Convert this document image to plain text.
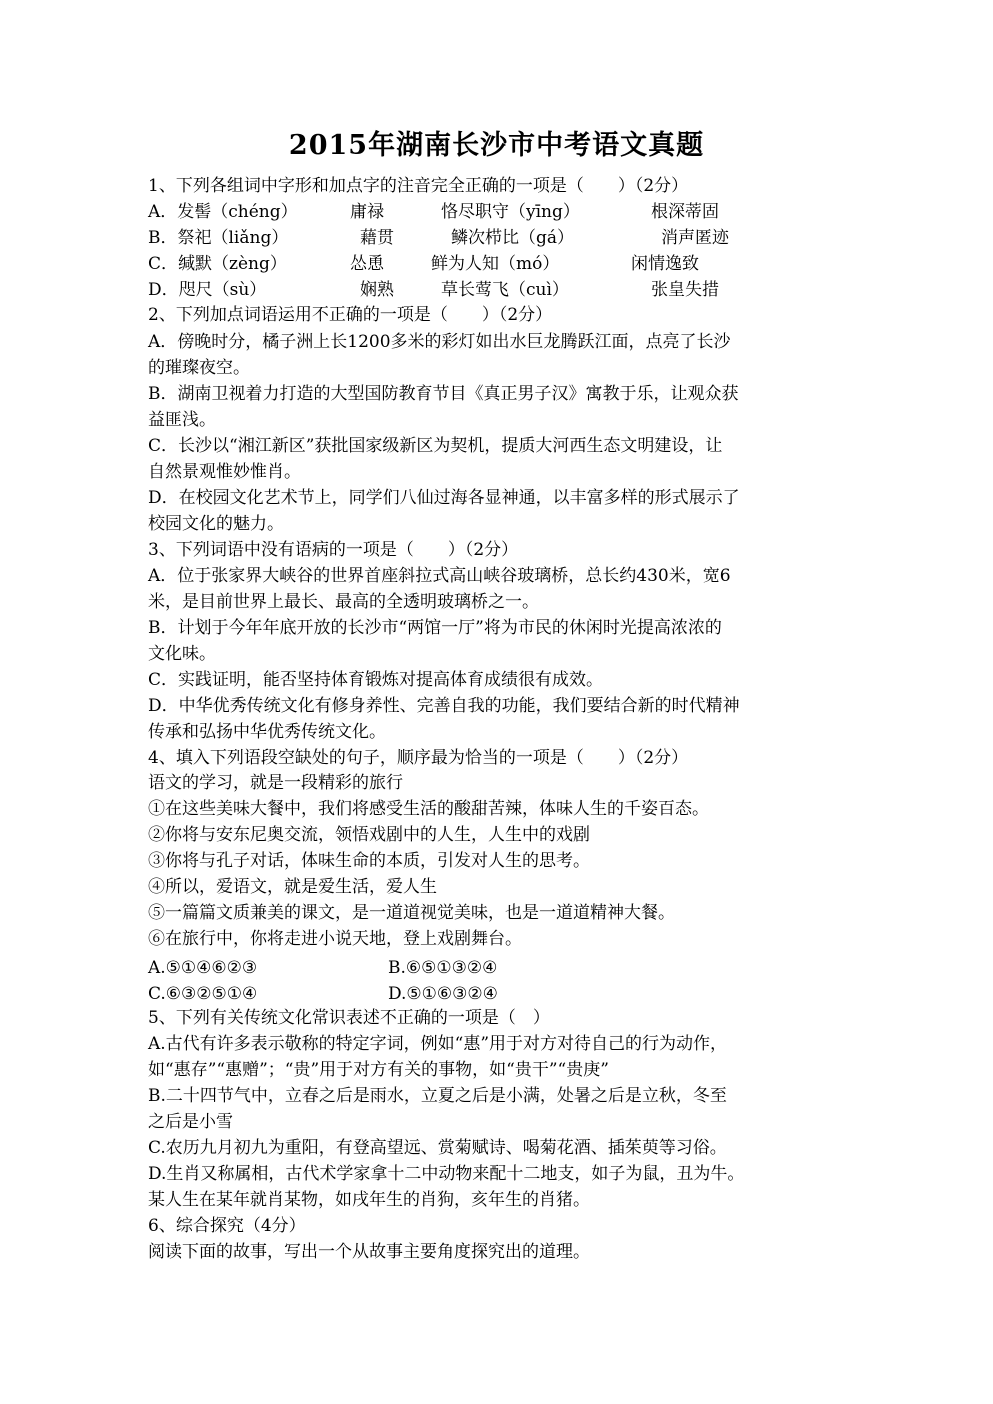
2015年湖南长沙市中考语文真题
1、下列各组词中字形和加点字的注音完全正确的一项是（　　）（2分）
A．发髻（chéng）	庸禄	恪尽职守（yīng）	根深蒂固
B．祭祀（liǎng）	藉贯	鳞次栉比（gá）	消声匿迹
C．缄默（zèng）	怂恿	鲜为人知（mó）	闲情逸致
D．咫尺（sù）	娴熟	草长莺飞（cuì）	张皇失措
2、下列加点词语运用不正确的一项是（　　）（2分）
A．傍晚时分，橘子洲上长1200多米的彩灯如出水巨龙腾跃江面，点亮了长沙
的璀璨夜空。
B．湖南卫视着力打造的大型国防教育节目《真正男子汉》寓教于乐，让观众获
益匪浅。
C．长沙以“湘江新区”获批国家级新区为契机，提质大河西生态文明建设，让
自然景观惟妙惟肖。
D．在校园文化艺术节上，同学们八仙过海各显神通，以丰富多样的形式展示了
校园文化的魅力。
3、下列词语中没有语病的一项是（　　）（2分）
A．位于张家界大峡谷的世界首座斜拉式高山峡谷玻璃桥，总长约430米，宽6
米，是目前世界上最长、最高的全透明玻璃桥之一。
B．计划于今年年底开放的长沙市“两馆一厅”将为市民的休闲时光提高浓浓的
文化味。
C．实践证明，能否坚持体育锻炼对提高体育成绩很有成效。
D．中华优秀传统文化有修身养性、完善自我的功能，我们要结合新的时代精神
传承和弘扬中华优秀传统文化。
4、填入下列语段空缺处的句子，顺序最为恰当的一项是（　　）（2分）
语文的学习，就是一段精彩的旅行
①在这些美味大餐中，我们将感受生活的酸甜苦辣，体味人生的千姿百态。
②你将与安东尼奥交流，领悟戏剧中的人生，人生中的戏剧
③你将与孔子对话，体味生命的本质，引发对人生的思考。
④所以，爱语文，就是爱生活，爱人生
⑤一篇篇文质兼美的课文，是一道道视觉美味，也是一道道精神大餐。
⑥在旅行中，你将走进小说天地，登上戏剧舞台。
A.⑤①④⑥②③	B.⑥⑤①③②④
C.⑥③②⑤①④	D.⑤①⑥③②④
5、下列有关传统文化常识表述不正确的一项是（　）
A.古代有许多表示敬称的特定字词，例如“惠”用于对方对待自己的行为动作，
如“惠存”“惠赠”；“贵”用于对方有关的事物，如“贵干”“贵庚”
B.二十四节气中，立春之后是雨水，立夏之后是小满，处暑之后是立秋，冬至
之后是小雪
C.农历九月初九为重阳，有登高望远、赏菊赋诗、喝菊花酒、插茱萸等习俗。
D.生肖又称属相，古代术学家拿十二中动物来配十二地支，如子为鼠，丑为牛。
某人生在某年就肖某物，如戌年生的肖狗，亥年生的肖猪。
6、综合探究（4分）
阅读下面的故事，写出一个从故事主要角度探究出的道理。
